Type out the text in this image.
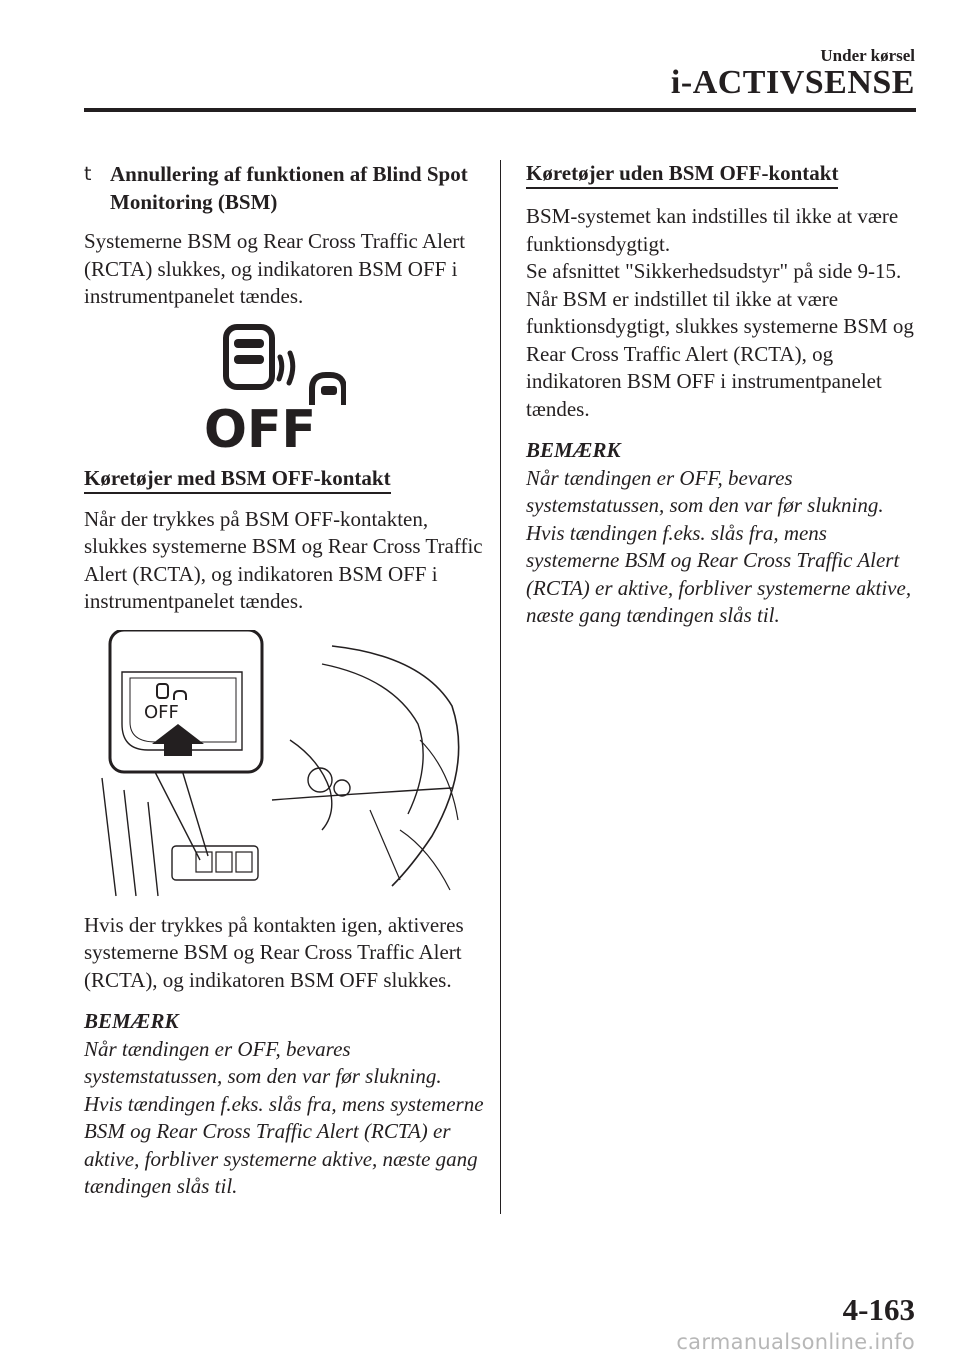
Under kørsel
i-ACTIVSENSE
t Annullering af funktionen af Blind Spot Monitoring (BSM)

Systemerne BSM og Rear Cross Traffic Alert (RCTA) slukkes, og indikatoren BSM OFF i instrumentpanelet tændes.

OFF

Køretøjer med BSM OFF-kontakt

Når der trykkes på BSM OFF-kontakten, slukkes systemerne BSM og Rear Cross Traffic Alert (RCTA), og indikatoren BSM OFF i instrumentpanelet tændes.

OFF

Hvis der trykkes på kontakten igen, aktiveres systemerne BSM og Rear Cross Traffic Alert (RCTA), og indikatoren BSM OFF slukkes.

BEMÆRK

Når tændingen er OFF, bevares systemstatussen, som den var før slukning. Hvis tændingen f.eks. slås fra, mens systemerne BSM og Rear Cross Traffic Alert (RCTA) er aktive, forbliver systemerne aktive, næste gang tændingen slås til.

Køretøjer uden BSM OFF-kontakt

BSM-systemet kan indstilles til ikke at være funktionsdygtigt.

Se afsnittet "Sikkerhedsudstyr" på side 9-15.

Når BSM er indstillet til ikke at være funktionsdygtigt, slukkes systemerne BSM og Rear Cross Traffic Alert (RCTA), og indikatoren BSM OFF i instrumentpanelet tændes.

BEMÆRK

Når tændingen er OFF, bevares systemstatussen, som den var før slukning. Hvis tændingen f.eks. slås fra, mens systemerne BSM og Rear Cross Traffic Alert (RCTA) er aktive, forbliver systemerne aktive, næste gang tændingen slås til.

4-163
carmanualsonline.info
